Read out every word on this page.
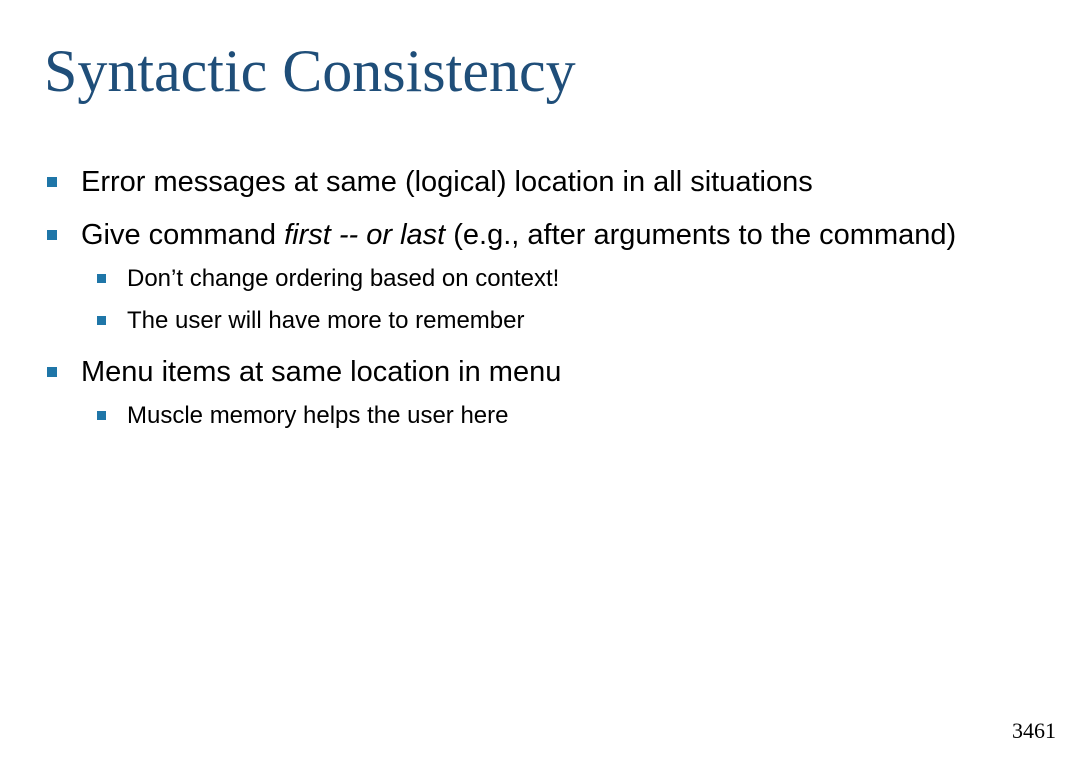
Syntactic Consistency
Error messages at same (logical) location in all situations
Give command first -- or last (e.g., after arguments to the command)
Don’t change ordering based on context!
The user will have more to remember
Menu items at same location in menu
Muscle memory helps the user here
3461
